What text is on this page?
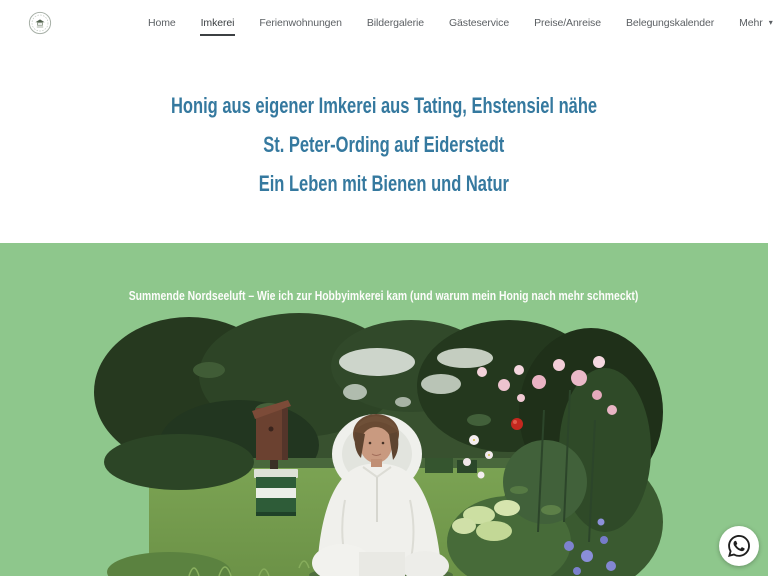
Home Imkerei Ferienwohnungen Bildergalerie Gästeservice Preise/Anreise Belegungskalender Mehr ▾
Honig aus eigener Imkerei aus Tating, Ehstensiel nähe
St. Peter-Ording auf Eiderstedt
Ein Leben mit Bienen und Natur
Summende Nordseeluft – Wie ich zur Hobbyimkerei kam (und warum mein Honig nach mehr schmeckt)
